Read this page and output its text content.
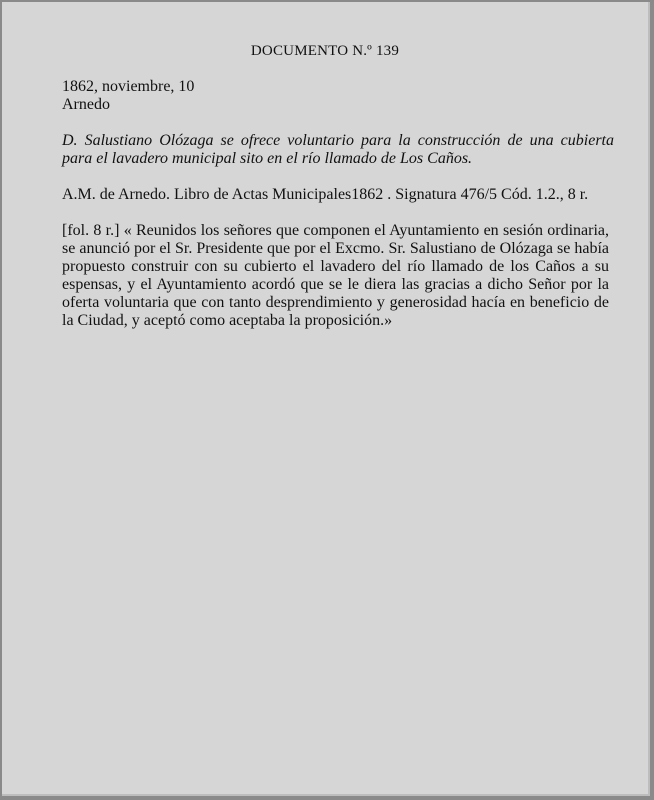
DOCUMENTO N.º 139
1862, noviembre, 10
Arnedo
D. Salustiano Olózaga se ofrece voluntario para la construcción de una cubierta para el lavadero municipal sito en el río llamado de Los Caños.
A.M. de Arnedo. Libro de Actas Municipales1862 . Signatura 476/5 Cód. 1.2., 8 r.
[fol. 8 r.] « Reunidos los señores que componen el Ayuntamiento en sesión ordinaria, se anunció por el Sr. Presidente que por el Excmo. Sr. Salustiano de Olózaga se había propuesto construir con su cubierto el lavadero del río llamado de los Caños a su espensas, y el Ayuntamiento acordó que se le diera las gracias a dicho Señor por la oferta voluntaria que con tanto desprendimiento y generosidad hacía en beneficio de la Ciudad, y aceptó como aceptaba la proposición.»
